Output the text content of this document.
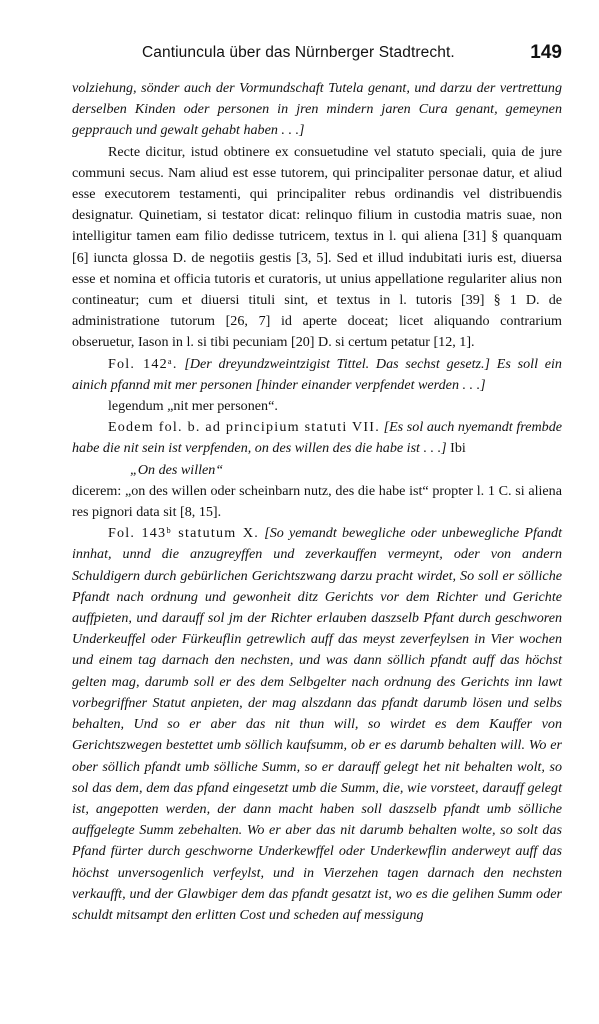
Cantiuncula über das Nürnberger Stadtrecht.	149

volziehung, sönder auch der Vormundschaft Tutela genant, und darzu der vertrettung derselben Kinden oder personen in jren mindern jaren Cura genant, gemeynen gepprauch und gewalt gehabt haben . . .]

Recte dicitur, istud obtinere ex consuetudine vel statuto speciali, quia de jure communi secus. Nam aliud est esse tutorem, qui principaliter personae datur, et aliud esse executorem testamenti, qui principaliter rebus ordinandis vel distribuendis designatur. Quinetiam, si testator dicat: relinquo filium in custodia matris suae, non intelligitur tamen eam filio dedisse tutricem, textus in l. qui aliena [31] § quanquam [6] iuncta glossa D. de negotiis gestis [3, 5]. Sed et illud indubitati iuris est, diuersa esse et nomina et officia tutoris et curatoris, ut unius appellatione regulariter alius non contineatur; cum et diuersi tituli sint, et textus in l. tutoris [39] § 1 D. de administratione tutorum [26, 7] id aperte doceat; licet aliquando contrarium obseruetur, Iason in l. si tibi pecuniam [20] D. si certum petatur [12, 1].

Fol. 142ᵃ. [Der dreyundzweintzigist Tittel. Das sechst gesetz.] Es soll ein ainich pfannd mit mer personen [hinder einander verpfendet werden . . .]

legendum „nit mer personen“.

Eodem fol. b. ad principium statuti VII. [Es sol auch nyemandt frembde habe die nit sein ist verpfenden, on des willen des die habe ist . . .] Ibi

„On des willen“

dicerem: „on des willen oder scheinbarn nutz, des die habe ist“ propter l. 1 C. si aliena res pignori data sit [8, 15].

Fol. 143ᵇ statutum X. [So yemandt bewegliche oder unbewegliche Pfandt innhat, unnd die anzugreyffen und zeverkauffen vermeynt, oder von andern Schuldigern durch gebürlichen Gerichtszwang darzu pracht wirdet, So soll er sölliche Pfandt nach ordnung und gewonheit ditz Gerichts vor dem Richter und Gerichte auffpieten, und darauff sol jm der Richter erlauben daszselb Pfant durch geschworen Underkeuffel oder Fürkeuflin getrewlich auff das meyst zeverfeylsen in Vier wochen und einem tag darnach den nechsten, und was dann söllich pfandt auff das höchst gelten mag, darumb soll er des dem Selbgelter nach ordnung des Gerichts inn lawt vorbegriffner Statut anpieten, der mag alszdann das pfandt darumb lösen und selbs behalten, Und so er aber das nit thun will, so wirdet es dem Kauffer von Gerichtszwegen bestettet umb söllich kaufsumm, ob er es darumb behalten will. Wo er ober söllich pfandt umb sölliche Summ, so er darauff gelegt het nit behalten wolt, so sol das dem, dem das pfand eingesetzt umb die Summ, die, wie vorsteet, darauff gelegt ist, angepotten werden, der dann macht haben soll daszselb pfandt umb sölliche auffgelegte Summ zebehalten. Wo er aber das nit darumb behalten wolte, so solt das Pfand fürter durch geschworne Underkewffel oder Underkewflin anderweyt auff das höchst unversogenlich verfeylst, und in Vierzehen tagen darnach den nechsten verkaufft, und der Glawbiger dem das pfandt gesatzt ist, wo es die gelihen Summ oder schuldt mitsampt den erlitten Cost und scheden auf messigung
